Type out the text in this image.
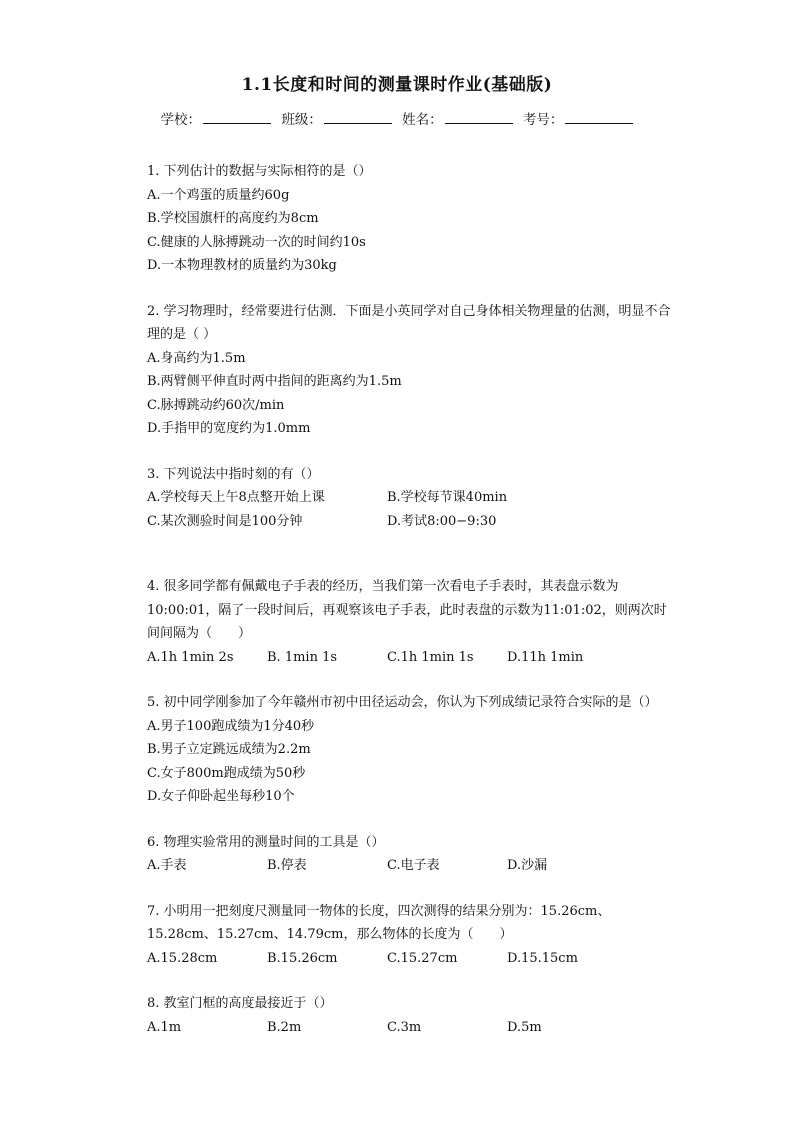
1.1长度和时间的测量课时作业(基础版)
学校：	班级：	姓名：	考号：

1. 下列估计的数据与实际相符的是（）

A.一个鸡蛋的质量约60g
B.学校国旗杆的高度约为8cm
C.健康的人脉搏跳动一次的时间约10s
D.一本物理教材的质量约为30kg

2. 学习物理时，经常要进行估测．下面是小英同学对自己身体相关物理量的估测，明显不合理的是（ ）

A.身高约为1.5m
B.两臂侧平伸直时两中指间的距离约为1.5m
C.脉搏跳动约60次/min
D.手指甲的宽度约为1.0mm

3. 下列说法中指时刻的有（）

A.学校每天上午8点整开始上课	B.学校每节课40min
C.某次测验时间是100分钟	D.考试8:00−9:30

4. 很多同学都有佩戴电子手表的经历，当我们第一次看电子手表时，其表盘示数为10:00:01，隔了一段时间后，再观察该电子手表，此时表盘的示数为11:01:02，则两次时间间隔为（　　）

A.1h 1min 2s	B. 1min 1s	C.1h 1min 1s	D.11h 1min

5. 初中同学刚参加了今年赣州市初中田径运动会，你认为下列成绩记录符合实际的是（）

A.男子100跑成绩为1分40秒
B.男子立定跳远成绩为2.2m
C.女子800m跑成绩为50秒
D.女子仰卧起坐每秒10个

6. 物理实验常用的测量时间的工具是（）

A.手表	B.停表	C.电子表	D.沙漏

7. 小明用一把刻度尺测量同一物体的长度，四次测得的结果分别为：15.26cm、15.28cm、15.27cm、14.79cm，那么物体的长度为（　　）

A.15.28cm	B.15.26cm	C.15.27cm	D.15.15cm

8. 教室门框的高度最接近于（）

A.1m	B.2m	C.3m	D.5m
